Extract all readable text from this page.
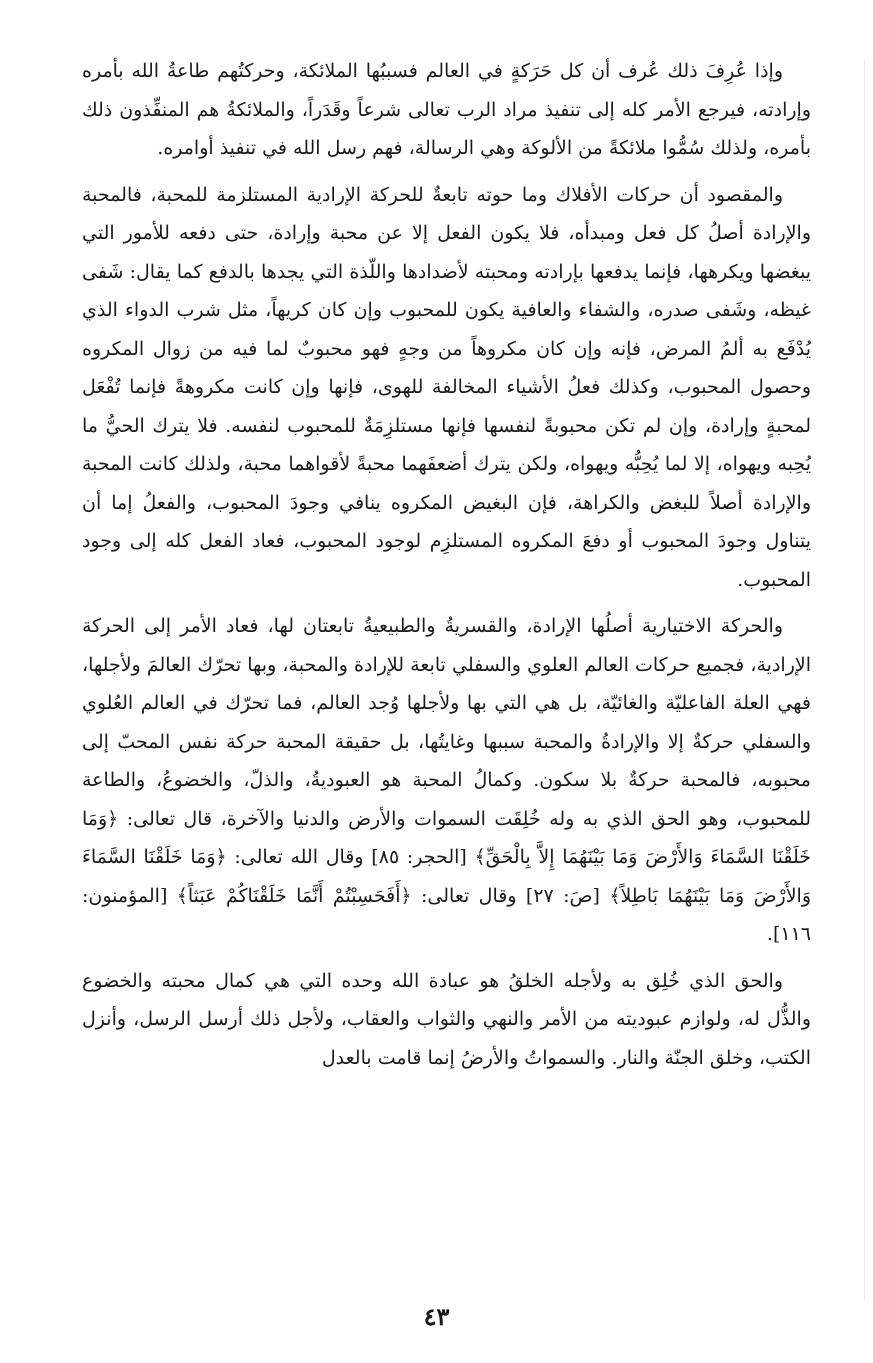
وإذا عُرِفَ ذلك عُرف أن كل حَرَكةٍ في العالم فسببُها الملائكة، وحركتُهم طاعةُ الله بأمره وإرادته، فيرجع الأمر كله إلى تنفيذ مراد الرب تعالى شرعاً وقَدَراً، والملائكةُ هم المنفِّذون ذلك بأمره، ولذلك سُمُّوا ملائكةً من الألوكة وهي الرسالة، فهم رسل الله في تنفيذ أوامره.

والمقصود أن حركات الأفلاك وما حوته تابعةٌ للحركة الإرادية المستلزمة للمحبة، فالمحبة والإرادة أصلُ كل فعل ومبدأه، فلا يكون الفعل إلا عن محبة وإرادة، حتى دفعه للأمور التي يبغضها ويكرهها، فإنما يدفعها بإرادته ومحبته لأضدادها واللّذة التي يجدها بالدفع كما يقال: شَفى غيظه، وشَفى صدره، والشفاء والعافية يكون للمحبوب وإن كان كريهاً، مثل شرب الدواء الذي يُدْفَع به ألمُ المرض، فإنه وإن كان مكروهاً من وجهٍ فهو محبوبٌ لما فيه من زوال المكروه وحصول المحبوب، وكذلك فعلُ الأشياء المخالفة للهوى، فإنها وإن كانت مكروهةً فإنما تُفْعَل لمحبةٍ وإرادة، وإن لم تكن محبوبةً لنفسها فإنها مستلزِمَةٌ للمحبوب لنفسه. فلا يترك الحيُّ ما يُحِبه ويهواه، إلا لما يُحِبُّه ويهواه، ولكن يترك أضعفَهما محبةً لأقواهما محبة، ولذلك كانت المحبة والإرادة أصلاً للبغض والكراهة، فإن البغيض المكروه ينافي وجودَ المحبوب، والفعلُ إما أن يتناول وجودَ المحبوب أو دفعَ المكروه المستلزِم لوجود المحبوب، فعاد الفعل كله إلى وجود المحبوب.

والحركة الاختيارية أصلُها الإرادة، والقسريةُ والطبيعيةُ تابعتان لها، فعاد الأمر إلى الحركة الإرادية، فجميع حركات العالم العلوي والسفلي تابعة للإرادة والمحبة، وبها تحرّك العالمَ ولأجلها، فهي العلة الفاعليّة والغائيّة، بل هي التي بها ولأجلها وُجد العالم، فما تحرّك في العالم العُلوي والسفلي حركةٌ إلا والإرادةُ والمحبة سببها وغايتُها، بل حقيقة المحبة حركة نفس المحبّ إلى محبوبه، فالمحبة حركةٌ بلا سكون. وكمالُ المحبة هو العبوديةُ، والذلّ، والخضوعُ، والطاعة للمحبوب، وهو الحق الذي به وله خُلِقَت السموات والأرض والدنيا والآخرة، قال تعالى: ﴿وَمَا خَلَقْنَا السَّمَاءَ وَالأَرْضَ وَمَا بَيْنَهُمَا إِلاَّ بِالْحَقِّ﴾ [الحجر: ٨٥] وقال الله تعالى: ﴿وَمَا خَلَقْنَا السَّمَاءَ وَالأَرْضَ وَمَا بَيْنَهُمَا بَاطِلاً﴾ [صَ: ٢٧] وقال تعالى: ﴿أَفَحَسِبْتُمْ أَنَّمَا خَلَقْنَاكُمْ عَبَثاً﴾ [المؤمنون: ١١٦].

والحق الذي خُلِق به ولأجله الخلقُ هو عبادة الله وحده التي هي كمال محبته والخضوع والذُّل له، ولوازم عبوديته من الأمر والنهي والثواب والعقاب، ولأجل ذلك أرسل الرسل، وأنزل الكتب، وخلق الجنّة والنار. والسمواتُ والأرضُ إنما قامت بالعدل

٤٣
